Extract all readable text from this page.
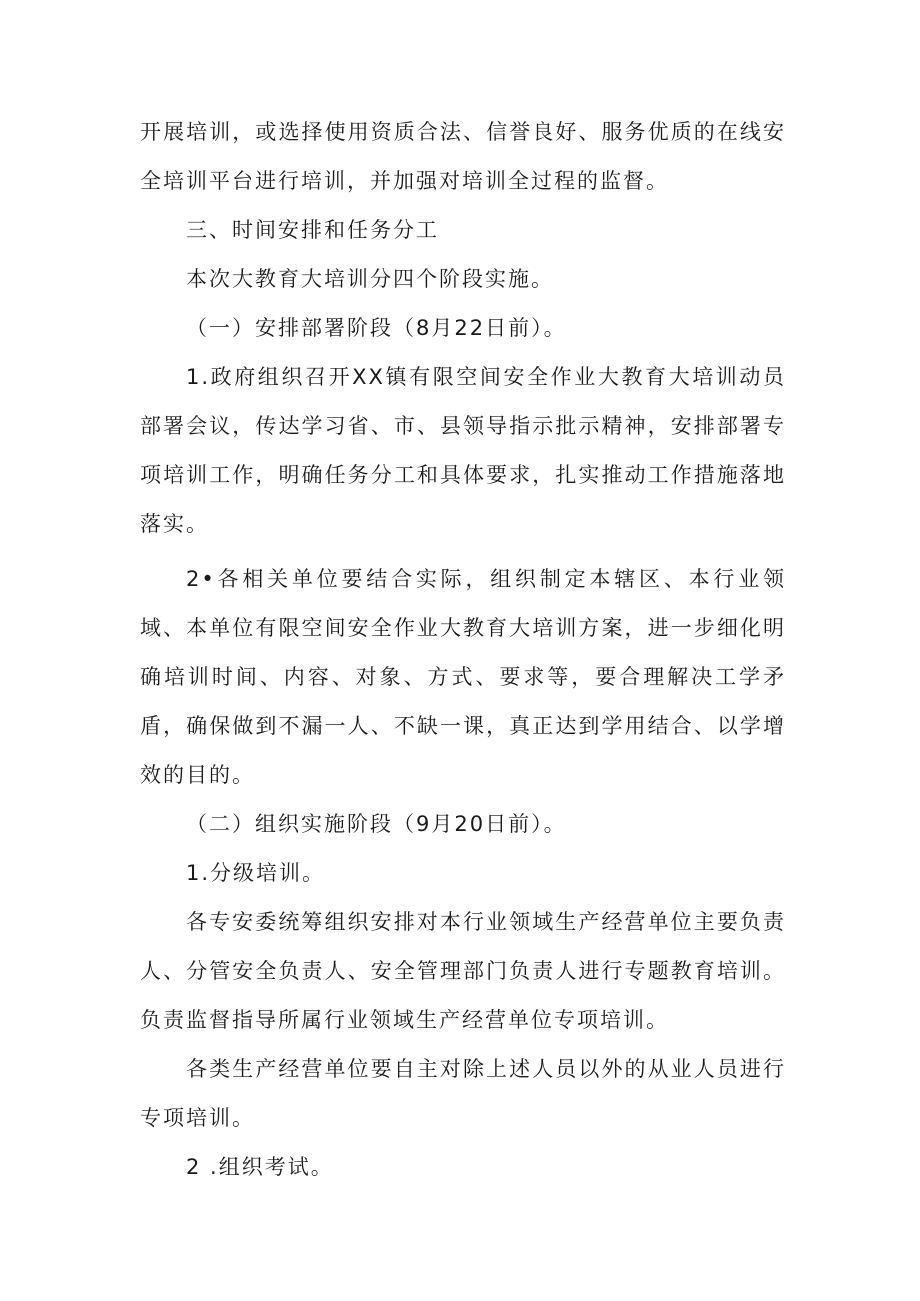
开展培训，或选择使用资质合法、信誉良好、服务优质的在线安全培训平台进行培训，并加强对培训全过程的监督。

三、时间安排和任务分工

本次大教育大培训分四个阶段实施。

（一）安排部署阶段（8月22日前）。

1.政府组织召开XX镇有限空间安全作业大教育大培训动员部署会议，传达学习省、市、县领导指示批示精神，安排部署专项培训工作，明确任务分工和具体要求，扎实推动工作措施落地落实。

2•各相关单位要结合实际，组织制定本辖区、本行业领域、本单位有限空间安全作业大教育大培训方案，进一步细化明确培训时间、内容、对象、方式、要求等，要合理解决工学矛盾，确保做到不漏一人、不缺一课，真正达到学用结合、以学增效的目的。

（二）组织实施阶段（9月20日前）。

1.分级培训。

各专安委统筹组织安排对本行业领域生产经营单位主要负责人、分管安全负责人、安全管理部门负责人进行专题教育培训。负责监督指导所属行业领域生产经营单位专项培训。

各类生产经营单位要自主对除上述人员以外的从业人员进行专项培训。

2 .组织考试。
